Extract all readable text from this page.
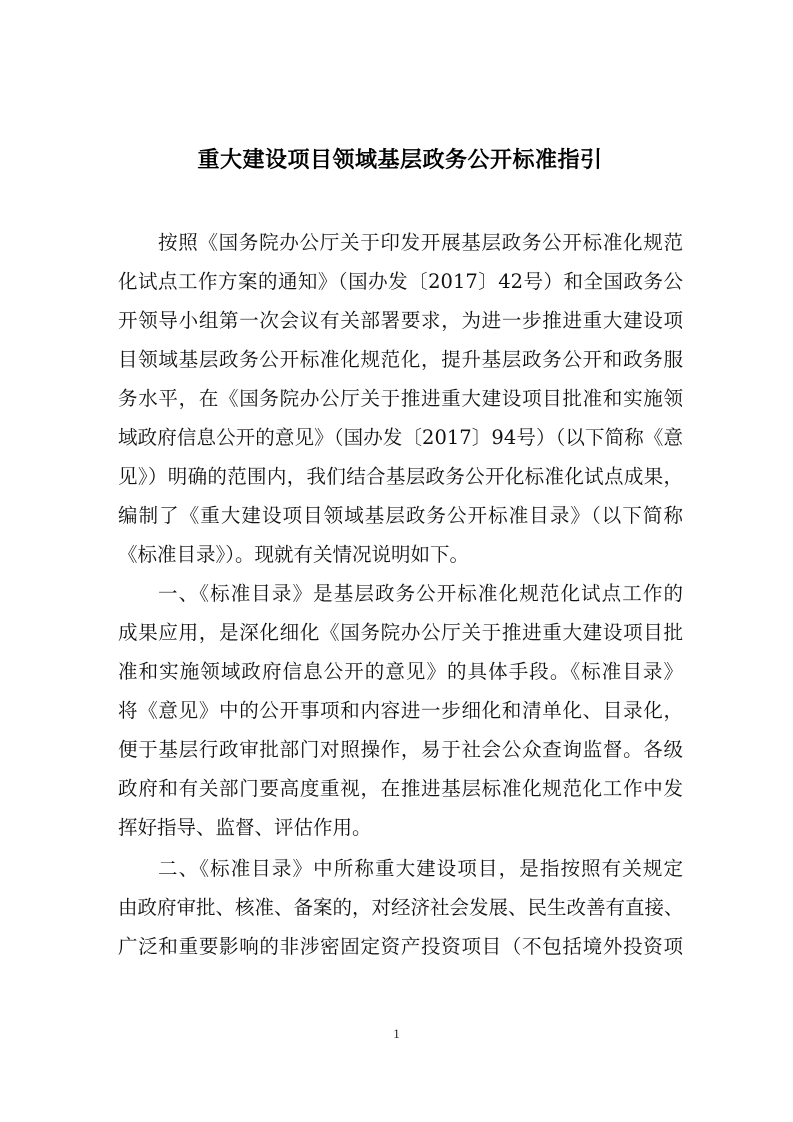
重大建设项目领域基层政务公开标准指引
按照《国务院办公厅关于印发开展基层政务公开标准化规范
化试点工作方案的通知》（国办发〔2017〕42号）和全国政务公
开领导小组第一次会议有关部署要求，为进一步推进重大建设项
目领域基层政务公开标准化规范化，提升基层政务公开和政务服
务水平，在《国务院办公厅关于推进重大建设项目批准和实施领
域政府信息公开的意见》（国办发〔2017〕94号）（以下简称《意
见》）明确的范围内，我们结合基层政务公开化标准化试点成果，
编制了《重大建设项目领域基层政务公开标准目录》（以下简称
《标准目录》）。现就有关情况说明如下。
一、《标准目录》是基层政务公开标准化规范化试点工作的
成果应用，是深化细化《国务院办公厅关于推进重大建设项目批
准和实施领域政府信息公开的意见》的具体手段。《标准目录》
将《意见》中的公开事项和内容进一步细化和清单化、目录化，
便于基层行政审批部门对照操作，易于社会公众查询监督。各级
政府和有关部门要高度重视，在推进基层标准化规范化工作中发
挥好指导、监督、评估作用。
二、《标准目录》中所称重大建设项目，是指按照有关规定
由政府审批、核准、备案的，对经济社会发展、民生改善有直接、
广泛和重要影响的非涉密固定资产投资项目（不包括境外投资项
1
